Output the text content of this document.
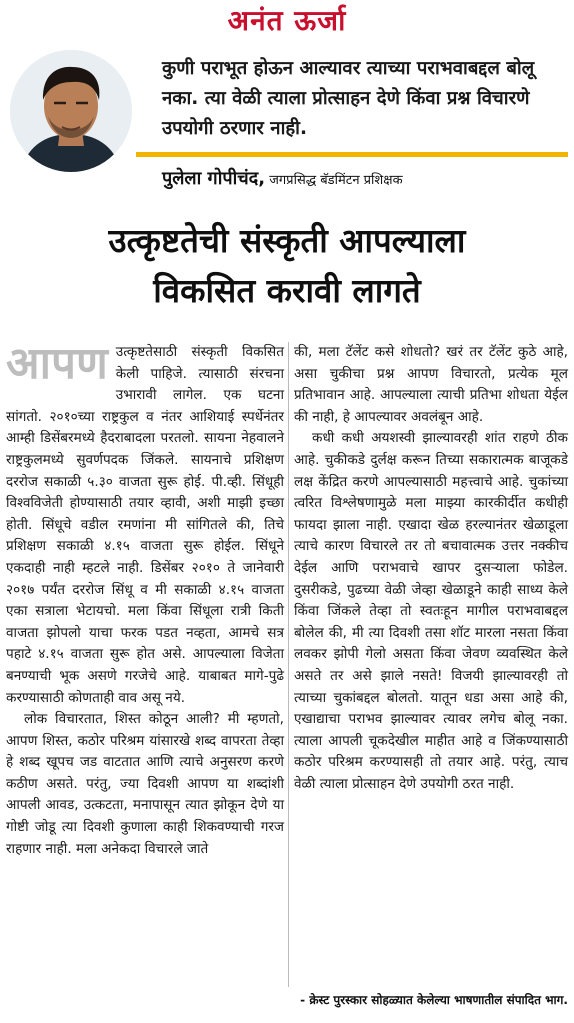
अनंत ऊर्जा
कुणी पराभूत होऊन आल्यावर त्याच्या पराभवाबद्दल बोलू नका. त्या वेळी त्याला प्रोत्साहन देणे किंवा प्रश्न विचारणे उपयोगी ठरणार नाही.
पुलेला गोपीचंद, जगप्रसिद्ध बॅडमिंटन प्रशिक्षक
उत्कृष्टतेची संस्कृती आपल्याला
विकसित करावी लागते

आपण उत्कृष्टतेसाठी संस्कृती विकसित केली पाहिजे. त्यासाठी संरचना उभारावी लागेल. एक घटना सांगतो. २०१०च्या राष्ट्रकुल व नंतर आशियाई स्पर्धेनंतर आम्ही डिसेंबरमध्ये हैदराबादला परतलो. सायना नेहवालने राष्ट्रकुलमध्ये सुवर्णपदक जिंकले. सायनाचे प्रशिक्षण दररोज सकाळी ५.३० वाजता सुरू होई. पी.व्ही. सिंधूही विश्वविजेती होण्यासाठी तयार व्हावी, अशी माझी इच्छा होती. सिंधूचे वडील रमणांना मी सांगितले की, तिचे प्रशिक्षण सकाळी ४.१५ वाजता सुरू होईल. सिंधूने एकदाही नाही म्हटले नाही. डिसेंबर २०१० ते जानेवारी २०१७ पर्यंत दररोज सिंधू व मी सकाळी ४.१५ वाजता एका सत्राला भेटायचो. मला किंवा सिंधूला रात्री किती वाजता झोपलो याचा फरक पडत नव्हता, आमचे सत्र पहाटे ४.१५ वाजता सुरू होत असे. आपल्याला विजेता बनण्याची भूक असणे गरजेचे आहे. याबाबत मागे-पुढे करण्यासाठी कोणताही वाव असू नये.

लोक विचारतात, शिस्त कोठून आली? मी म्हणतो, आपण शिस्त, कठोर परिश्रम यांसारखे शब्द वापरता तेव्हा हे शब्द खूपच जड वाटतात आणि त्याचे अनुसरण करणे कठीण असते. परंतु, ज्या दिवशी आपण या शब्दांशी आपली आवड, उत्कटता, मनापासून त्यात झोकून देणे या गोष्टी जोडू त्या दिवशी कुणाला काही शिकवण्याची गरज राहणार नाही. मला अनेकदा विचारले जाते

की, मला टॅलेंट कसे शोधतो? खरं तर टॅलेंट कुठे आहे, असा चुकीचा प्रश्न आपण विचारतो, प्रत्येक मूल प्रतिभावान आहे. आपल्याला त्याची प्रतिभा शोधता येईल की नाही, हे आपल्यावर अवलंबून आहे.

कधी कधी अयशस्वी झाल्यावरही शांत राहणे ठीक आहे. चुकीकडे दुर्लक्ष करून तिच्या सकारात्मक बाजूकडे लक्ष केंद्रित करणे आपल्यासाठी महत्त्वाचे आहे. चुकांच्या त्वरित विश्लेषणामुळे मला माझ्या कारकीर्दीत कधीही फायदा झाला नाही. एखादा खेळ हरल्यानंतर खेळाडूला त्याचे कारण विचारले तर तो बचावात्मक उत्तर नक्कीच देईल आणि पराभवाचे खापर दुसऱ्याला फोडेल. दुसरीकडे, पुढच्या वेळी जेव्हा खेळाडूने काही साध्य केले किंवा जिंकले तेव्हा तो स्वतःहून मागील पराभवाबद्दल बोलेल की, मी त्या दिवशी तसा शॉट मारला नसता किंवा लवकर झोपी गेलो असता किंवा जेवण व्यवस्थित केले असते तर असे झाले नसते! विजयी झाल्यावरही तो त्याच्या चुकांबद्दल बोलतो. यातून धडा असा आहे की, एखाद्याचा पराभव झाल्यावर त्यावर लगेच बोलू नका. त्याला आपली चूकदेखील माहीत आहे व जिंकण्यासाठी कठोर परिश्रम करण्यासही तो तयार आहे. परंतु, त्याच वेळी त्याला प्रोत्साहन देणे उपयोगी ठरत नाही.

- क्रेस्ट पुरस्कार सोहळ्यात केलेल्या भाषणातील संपादित भाग.
